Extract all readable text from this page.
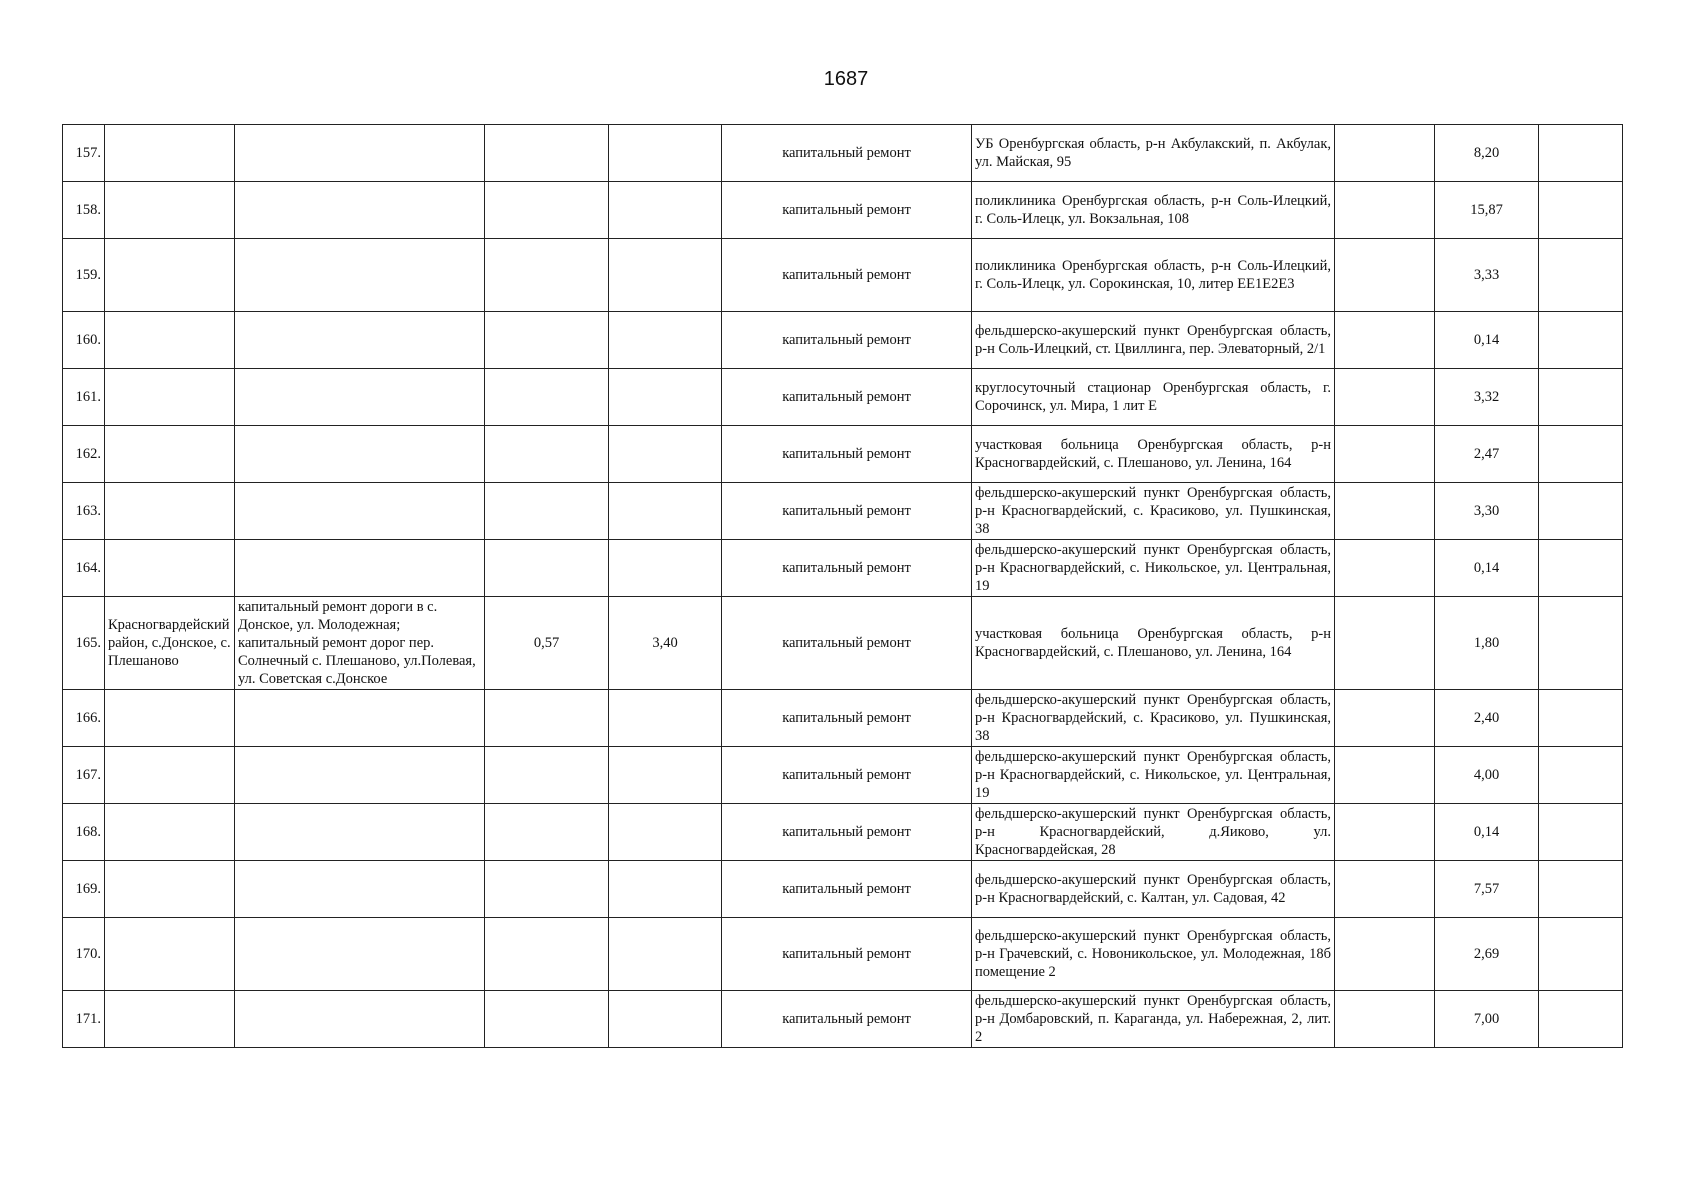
1687
157.					капитальный ремонт	УБ Оренбургская область, р-н Акбулакский, п. Акбулак, ул. Майская, 95		8,20	
158.					капитальный ремонт	поликлиника Оренбургская область, р-н Соль-Илецкий, г. Соль-Илецк, ул. Вокзальная, 108		15,87	
159.					капитальный ремонт	поликлиника Оренбургская область, р-н Соль-Илецкий, г. Соль-Илецк, ул. Сорокинская, 10, литер ЕЕ1Е2Е3		3,33	
160.					капитальный ремонт	фельдшерско-акушерский пункт Оренбургская область, р-н Соль-Илецкий, ст. Цвиллинга, пер. Элеваторный, 2/1		0,14	
161.					капитальный ремонт	круглосуточный стационар Оренбургская область, г. Сорочинск, ул. Мира, 1 лит Е		3,32	
162.					капитальный ремонт	участковая больница Оренбургская область, р-н Красногвардейский, с. Плешаново, ул. Ленина, 164		2,47	
163.					капитальный ремонт	фельдшерско-акушерский пункт Оренбургская область, р-н Красногвардейский, с. Красиково, ул. Пушкинская, 38		3,30	
164.					капитальный ремонт	фельдшерско-акушерский пункт Оренбургская область, р-н Красногвардейский, с. Никольское, ул. Центральная, 19		0,14	
165.	Красногвардейский район, с.Донское, с. Плешаново	капитальный ремонт дороги в с. Донское, ул. Молодежная; капитальный ремонт дорог пер. Солнечный с. Плешаново, ул.Полевая, ул. Советская с.Донское	0,57	3,40	капитальный ремонт	участковая больница Оренбургская область, р-н Красногвардейский, с. Плешаново, ул. Ленина, 164		1,80	
166.					капитальный ремонт	фельдшерско-акушерский пункт Оренбургская область, р-н Красногвардейский, с. Красиково, ул. Пушкинская, 38		2,40	
167.					капитальный ремонт	фельдшерско-акушерский пункт Оренбургская область, р-н Красногвардейский, с. Никольское, ул. Центральная, 19		4,00	
168.					капитальный ремонт	фельдшерско-акушерский пункт Оренбургская область, р-н Красногвардейский, д.Яиково, ул. Красногвардейская, 28		0,14	
169.					капитальный ремонт	фельдшерско-акушерский пункт Оренбургская область, р-н Красногвардейский, с. Калтан, ул. Садовая, 42		7,57	
170.					капитальный ремонт	фельдшерско-акушерский пункт Оренбургская область, р-н Грачевский, с. Новоникольское, ул. Молодежная, 18б помещение 2		2,69	
171.					капитальный ремонт	фельдшерско-акушерский пункт Оренбургская область, р-н Домбаровский, п. Караганда, ул. Набережная, 2, лит. 2		7,00	
